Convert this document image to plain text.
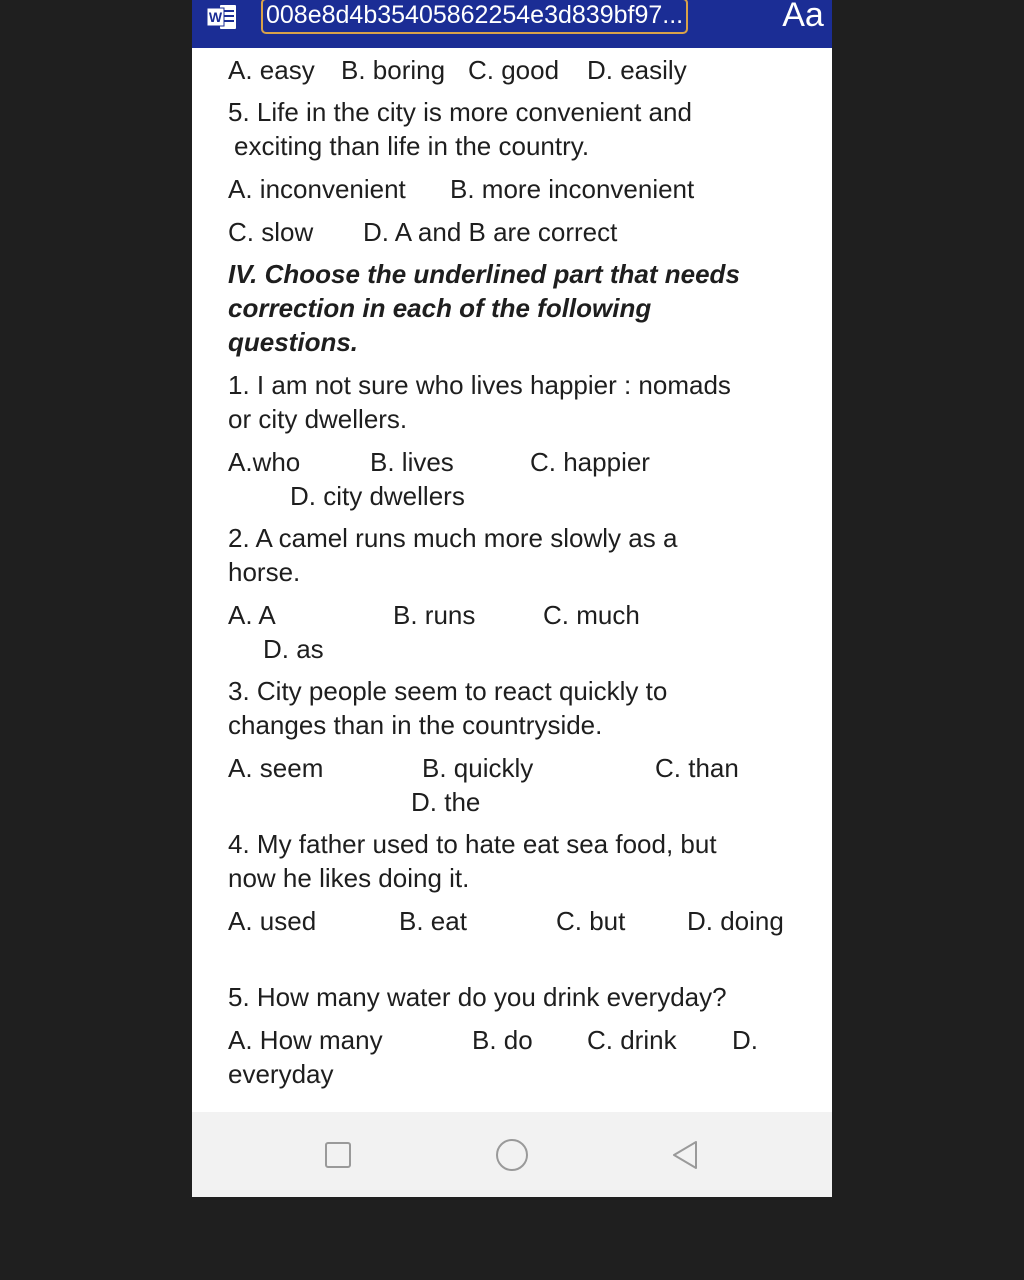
W 008e8d4b35405862254e3d839bf97...	Aa
A. easy B. boring C. good D. easily
5. Life in the city is more convenient and
exciting than life in the country.
A. inconvenient B. more inconvenient
C. slow D. A and B are correct
IV. Choose the underlined part that needs
correction in each of the following
questions.
1. I am not sure who lives happier : nomads
or city dwellers.
A.who	B. lives	C. happier
D. city dwellers
2. A camel runs much more slowly as a
horse.
A. A	B. runs	C. much
D. as
3. City people seem to react quickly to
changes than in the countryside.
A. seem	B. quickly	C. than
D. the
4. My father used to hate eat sea food, but
now he likes doing it.
A. used	B. eat	C. but D. doing
5. How many water do you drink everyday?
A. How many	B. do C. drink D.
everyday
